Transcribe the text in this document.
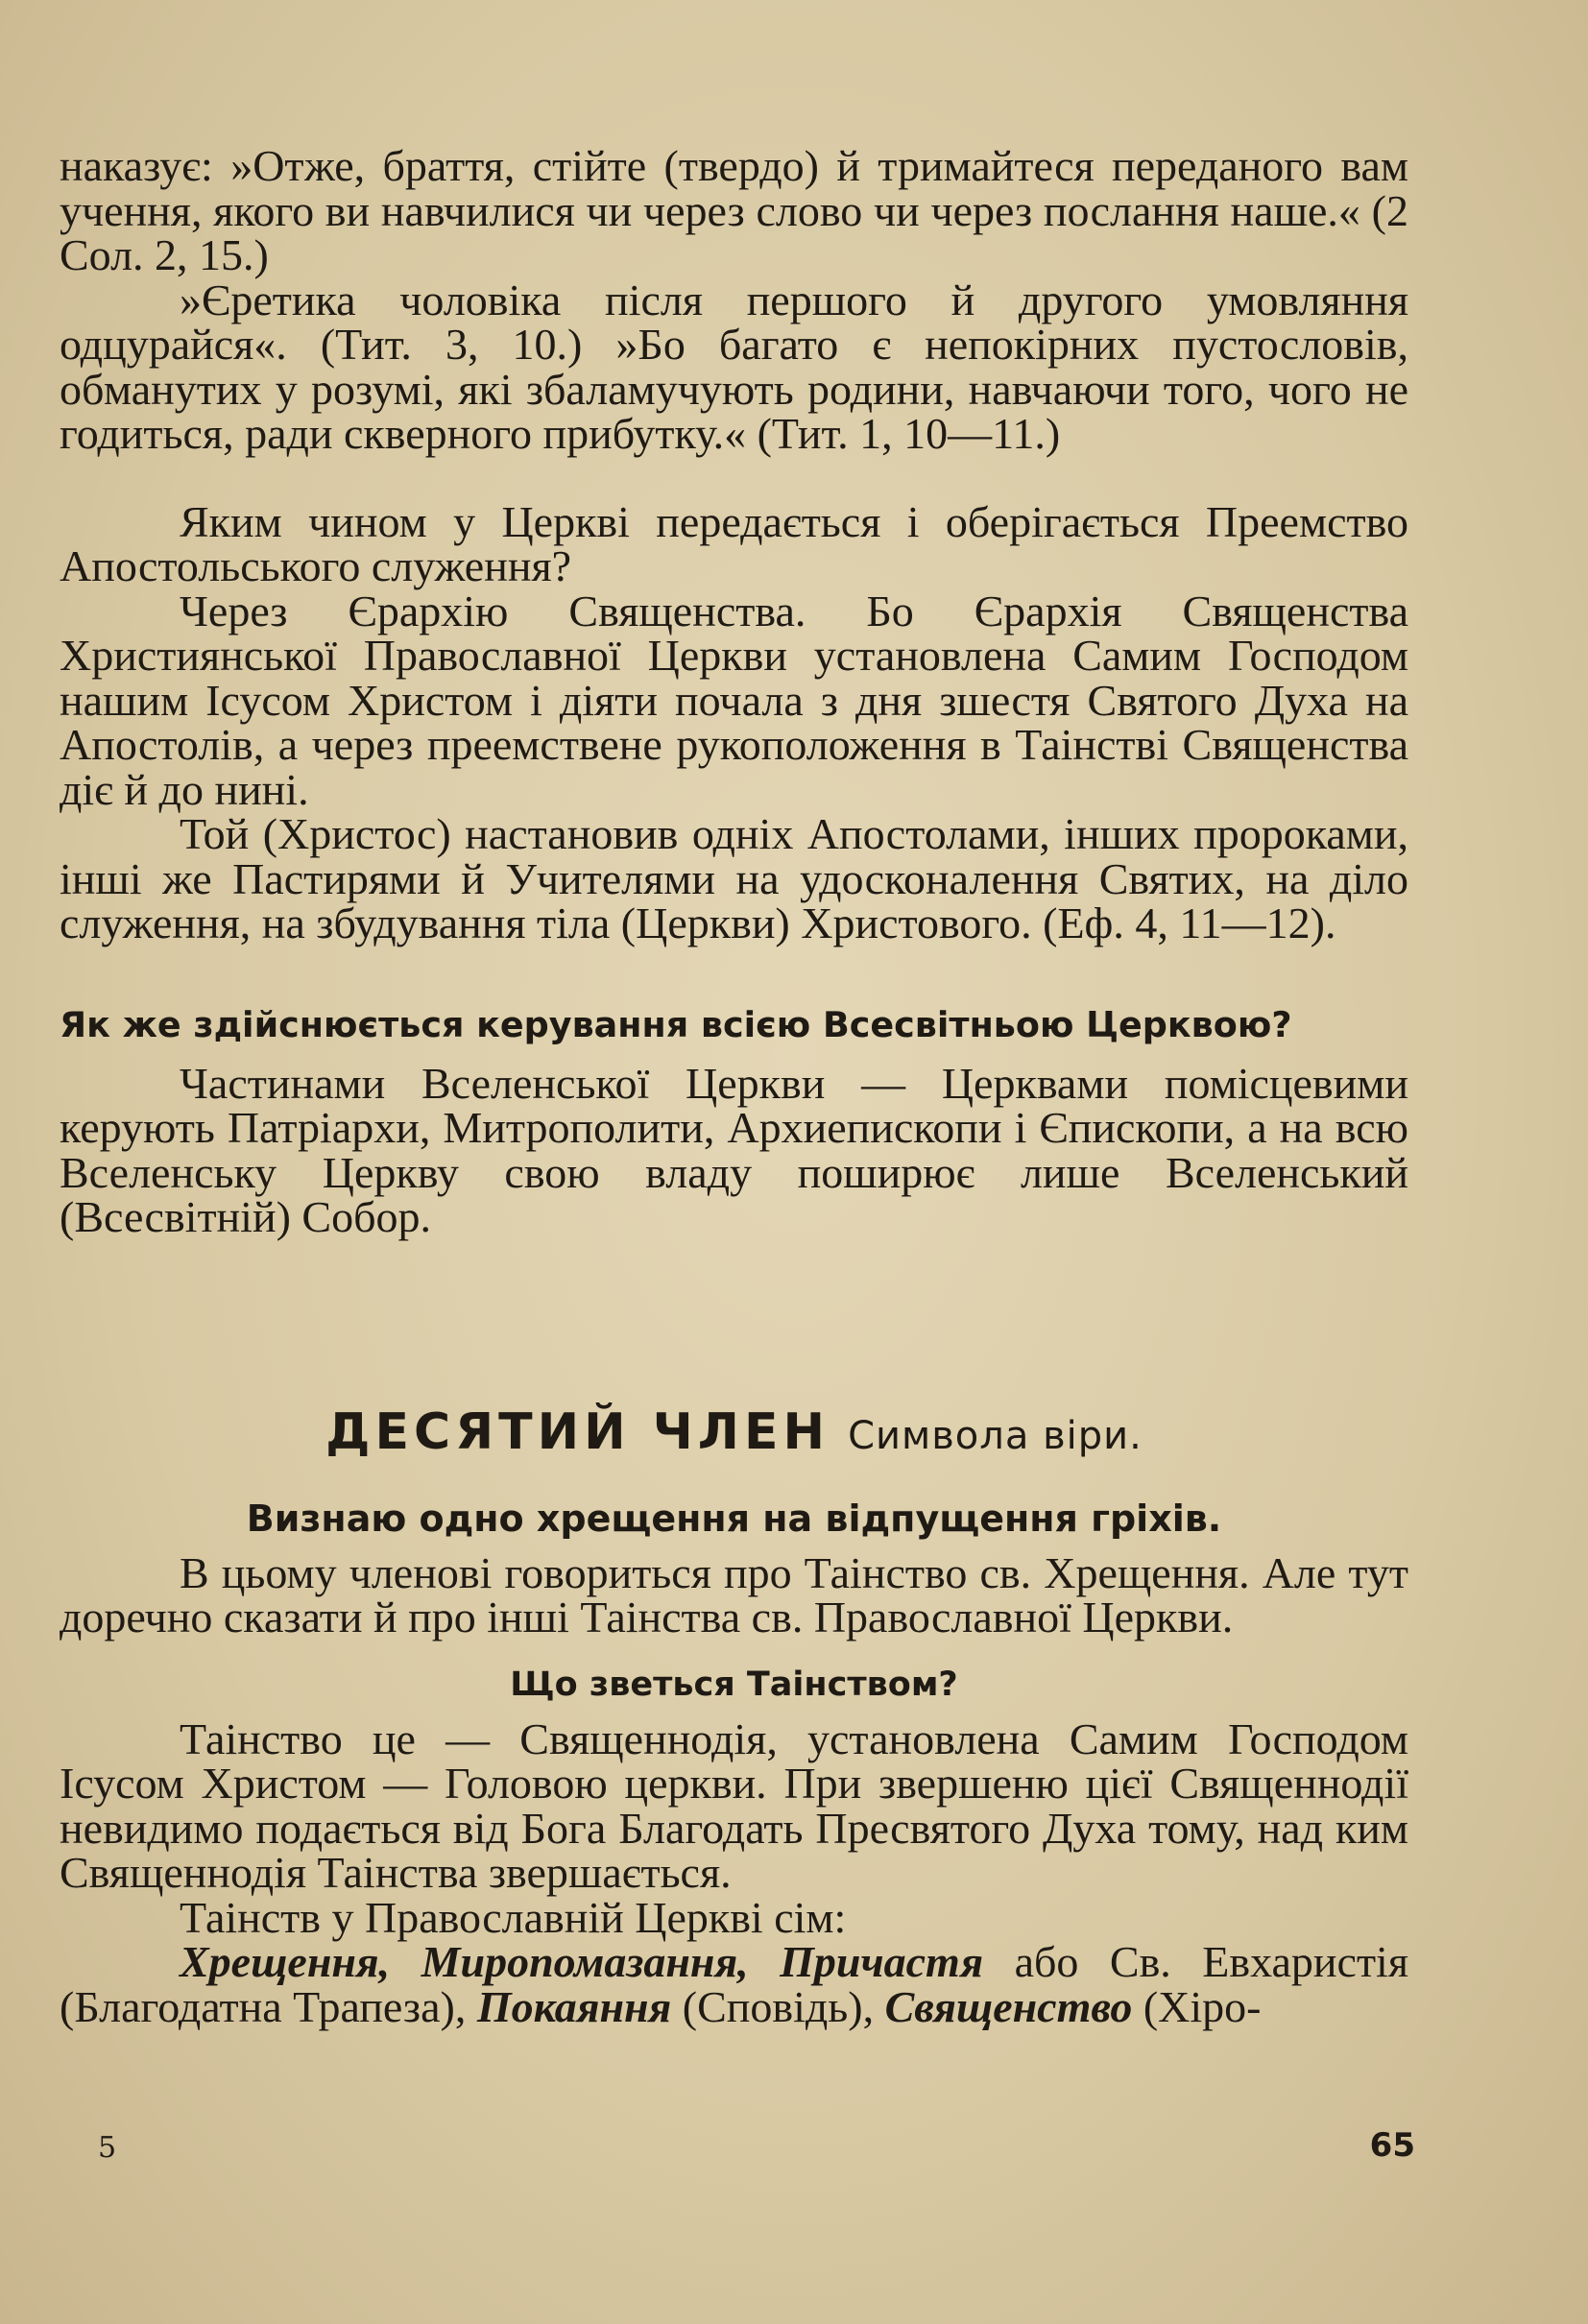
наказує: »Отже, браття, стійте (твердо) й тримайтеся переданого вам учення, якого ви навчилися чи через слово чи через послання наше.« (2 Сол. 2, 15.)

»Єретика чоловіка після першого й другого умовляння одцурайся«. (Тит. 3, 10.) »Бо багато є непокірних пустословів, обманутих у розумі, які збаламучують родини, навчаючи того, чого не годиться, ради скверного прибутку.« (Тит. 1, 10—11.)

Яким чином у Церкві передається і оберігається Преемство Апостольського служення?

Через Єрархію Священства. Бо Єрархія Священства Християнської Православної Церкви установлена Самим Господом нашим Ісусом Христом і діяти почала з дня зшестя Святого Духа на Апостолів, а через преемствене рукоположення в Таінстві Священства діє й до нині.

Той (Христос) настановив одніх Апостолами, інших пророками, інші же Пастирями й Учителями на удосконалення Святих, на діло служення, на збудування тіла (Церкви) Христового. (Еф. 4, 11—12).

Як же здійснюється керування всією Всесвітньою Церквою?

Частинами Вселенської Церкви — Церквами помісцевими керують Патріархи, Митрополити, Архиепископи і Єпископи, а на всю Вселенську Церкву свою владу поширює лише Вселенський (Всесвітній) Собор.

ДЕСЯТИЙ ЧЛЕН Символа віри.

Визнаю одно хрещення на відпущення гріхів.

В цьому членові говориться про Таінство св. Хрещення. Але тут доречно сказати й про інші Таінства св. Православної Церкви.

Що зветься Таінством?

Таінство це — Священнодія, установлена Самим Господом Ісусом Христом — Головою церкви. При звершеню цієї Священнодії невидимо подається від Бога Благодать Пресвятого Духа тому, над ким Священнодія Таінства звершається.

Таінств у Православній Церкві сім:

Хрещення, Миропомазання, Причастя або Св. Евхаристія (Благодатна Трапеза), Покаяння (Сповідь), Священство (Хіро-

5	65
